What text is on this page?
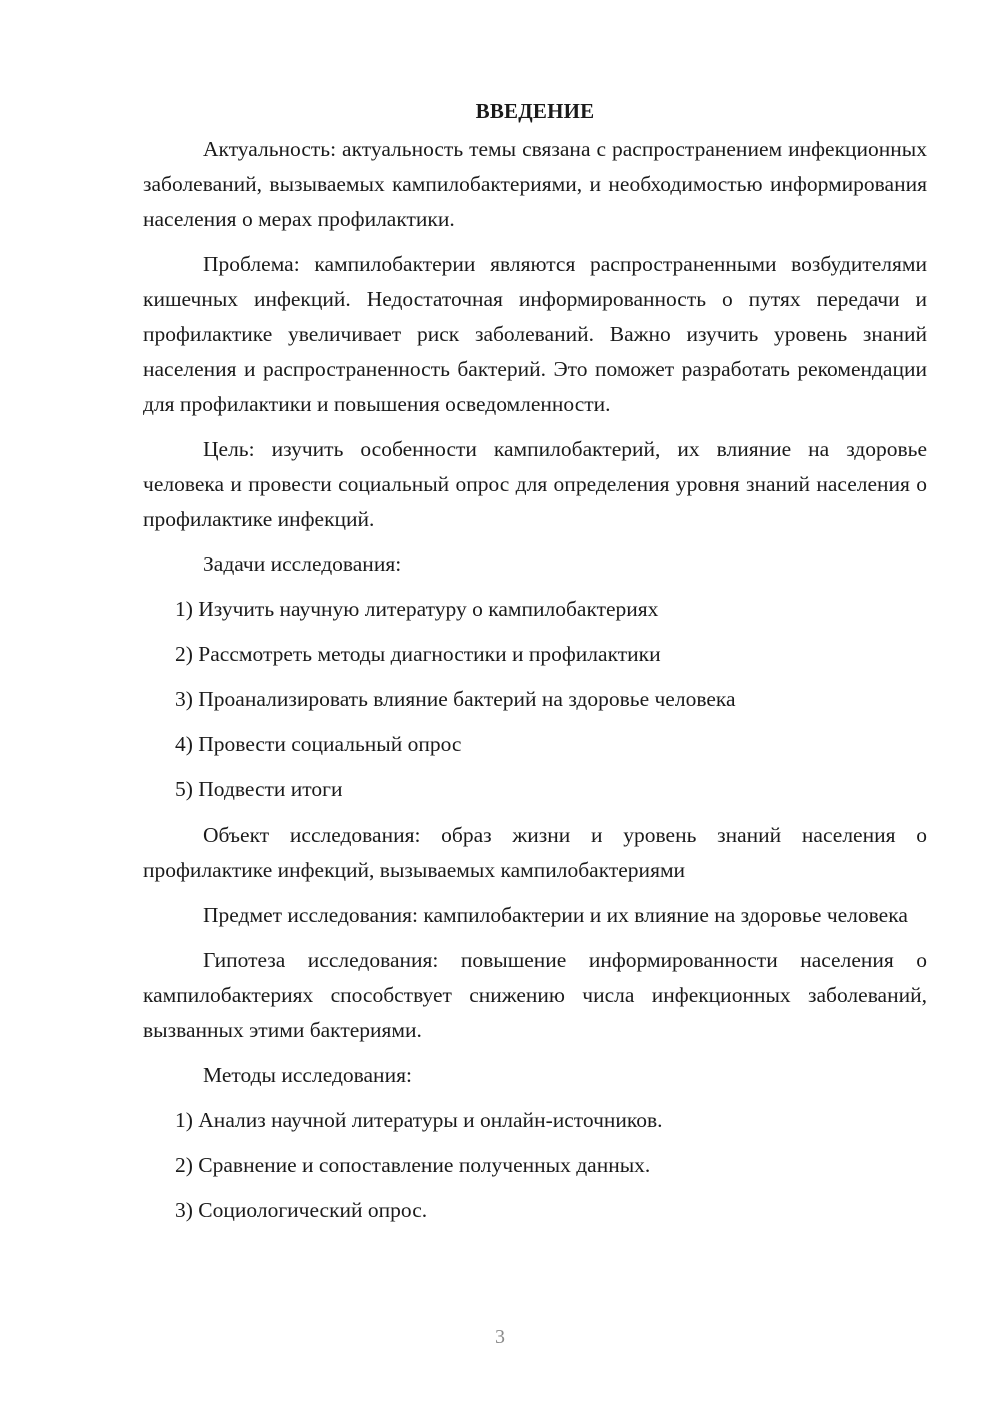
ВВЕДЕНИЕ

Актуальность: актуальность темы связана с распространением инфекционных заболеваний, вызываемых кампилобактериями, и необходимостью информирования населения о мерах профилактики.

Проблема: кампилобактерии являются распространенными возбудителями кишечных инфекций. Недостаточная информированность о путях передачи и профилактике увеличивает риск заболеваний. Важно изучить уровень знаний населения и распространенность бактерий. Это поможет разработать рекомендации для профилактики и повышения осведомленности.

Цель: изучить особенности кампилобактерий, их влияние на здоровье человека и провести социальный опрос для определения уровня знаний населения о профилактике инфекций.

Задачи исследования:
1) Изучить научную литературу о кампилобактериях
2) Рассмотреть методы диагностики и профилактики
3) Проанализировать влияние бактерий на здоровье человека
4) Провести социальный опрос
5) Подвести итоги

Объект исследования: образ жизни и уровень знаний населения о профилактике инфекций, вызываемых кампилобактериями

Предмет исследования: кампилобактерии и их влияние на здоровье человека

Гипотеза исследования: повышение информированности населения о кампилобактериях способствует снижению числа инфекционных заболеваний, вызванных этими бактериями.

Методы исследования:
1) Анализ научной литературы и онлайн-источников.
2) Сравнение и сопоставление полученных данных.
3) Социологический опрос.
3
